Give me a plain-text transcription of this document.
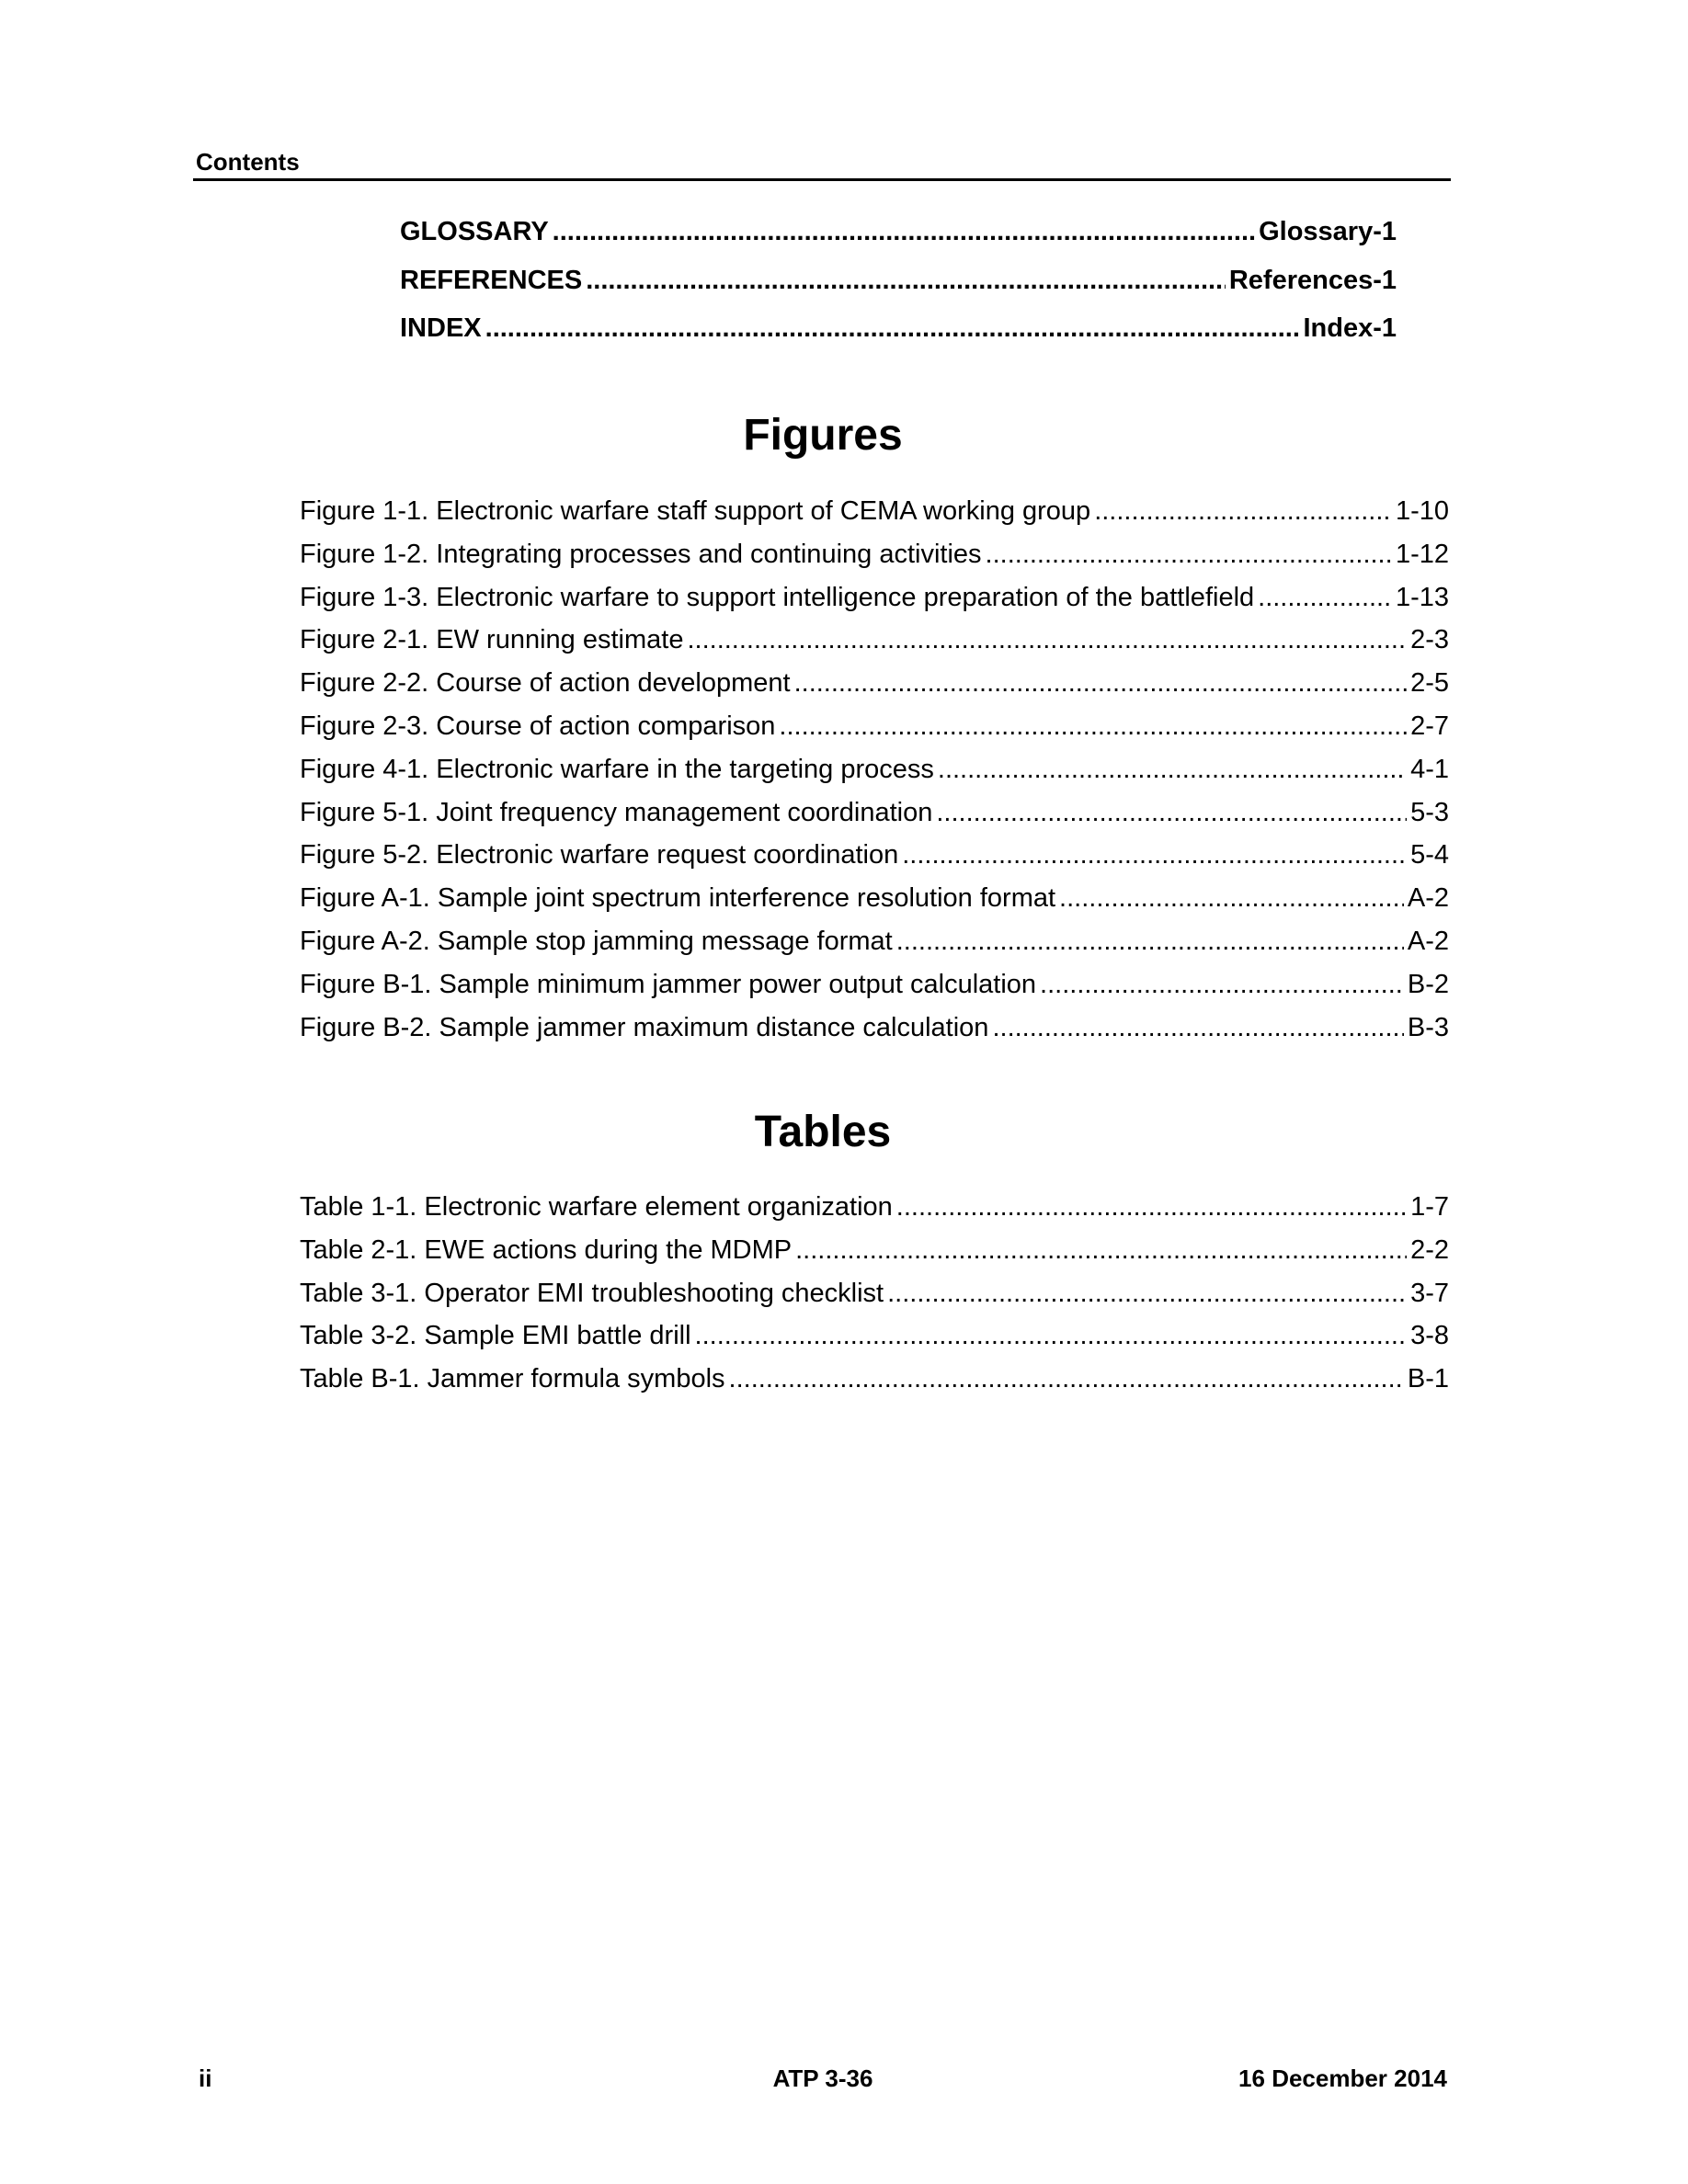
Contents
GLOSSARY .....	Glossary-1
REFERENCES .....	References-1
INDEX .....	Index-1
Figures
Figure 1-1. Electronic warfare staff support of CEMA working group .....	1-10
Figure 1-2. Integrating processes and continuing activities .....	1-12
Figure 1-3. Electronic warfare to support intelligence preparation of the battlefield .....	1-13
Figure 2-1. EW running estimate .....	2-3
Figure 2-2. Course of action development .....	2-5
Figure 2-3. Course of action comparison .....	2-7
Figure 4-1. Electronic warfare in the targeting process .....	4-1
Figure 5-1. Joint frequency management coordination .....	5-3
Figure 5-2. Electronic warfare request coordination .....	5-4
Figure A-1. Sample joint spectrum interference resolution format .....	A-2
Figure A-2. Sample stop jamming message format .....	A-2
Figure B-1. Sample minimum jammer power output calculation .....	B-2
Figure B-2. Sample jammer maximum distance calculation .....	B-3
Tables
Table 1-1. Electronic warfare element organization .....	1-7
Table 2-1. EWE actions during the MDMP .....	2-2
Table 3-1. Operator EMI troubleshooting checklist .....	3-7
Table 3-2. Sample EMI battle drill .....	3-8
Table B-1. Jammer formula symbols .....	B-1
ii	ATP 3-36	16 December 2014
